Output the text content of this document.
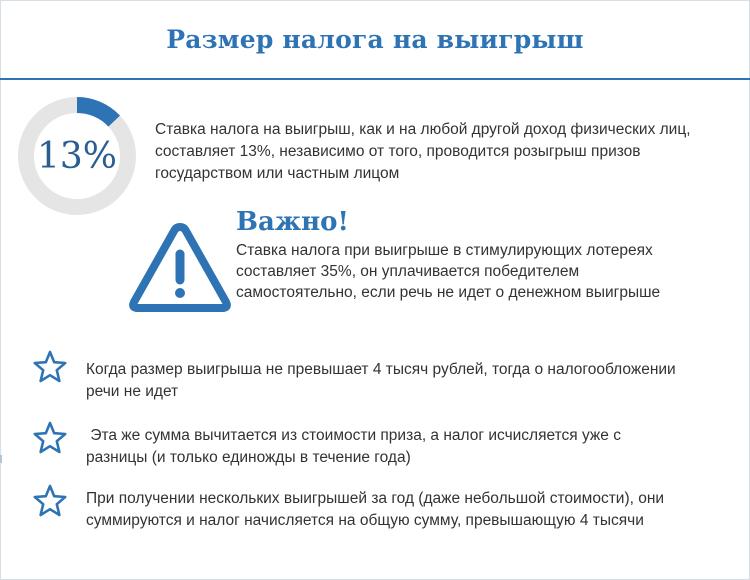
Размер налога на выигрыш
13%
Ставка налога на выигрыш, как и на любой другой доход физических лиц, составляет 13%, независимо от того, проводится розыгрыш призов государством или частным лицом
Важно!
Ставка налога при выигрыше в стимулирующих лотереях составляет 35%, он уплачивается победителем самостоятельно, если речь не идет о денежном выигрыше
Когда размер выигрыша не превышает 4 тысяч рублей, тогда о налогообложении речи не идет
Эта же сумма вычитается из стоимости приза, а налог исчисляется уже с разницы (и только единожды в течение года)
При получении нескольких выигрышей за год (даже небольшой стоимости), они суммируются и налог начисляется на общую сумму, превышающую 4 тысячи
